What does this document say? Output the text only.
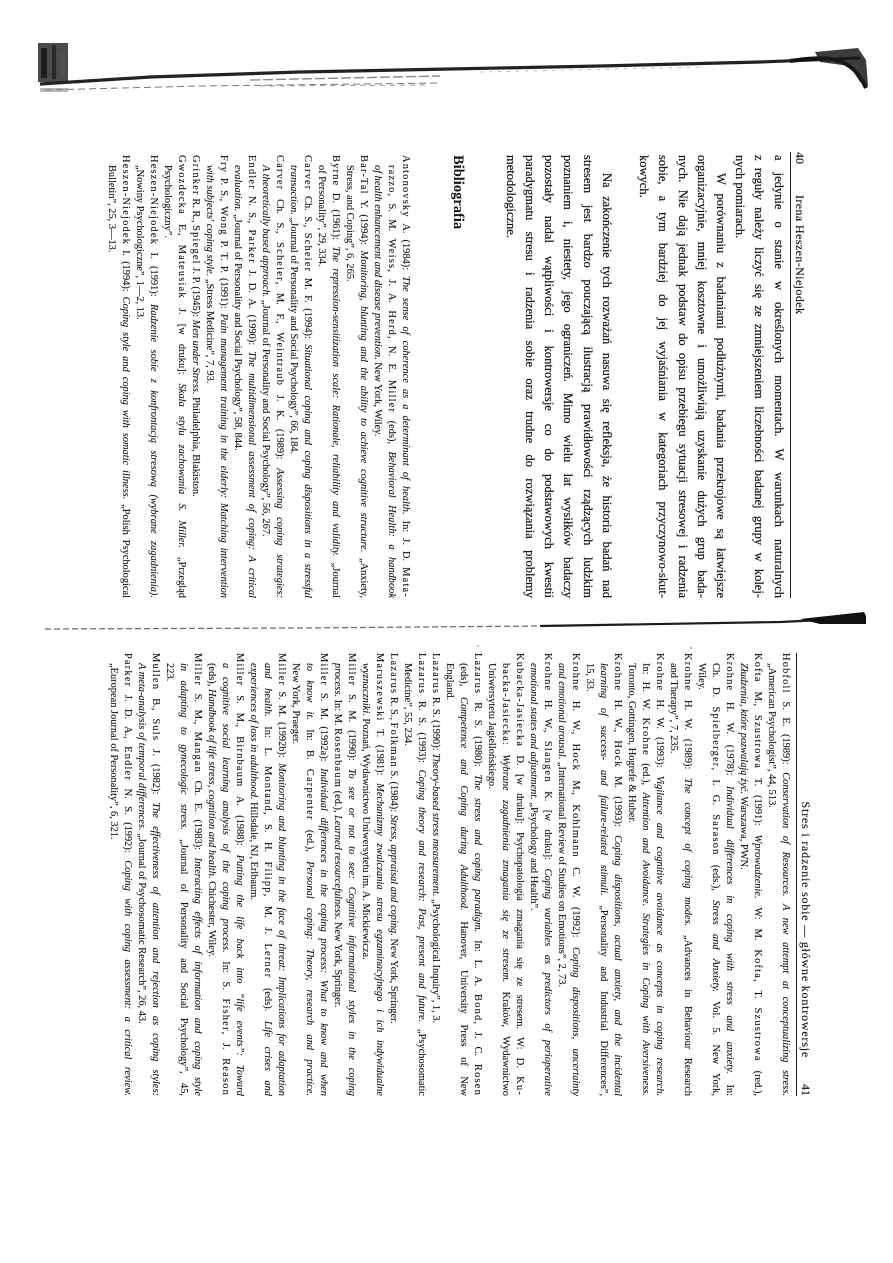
40
Irena Heszen-Niejodek
a jedynie o stanie w określonych momentach. W warunkach naturalnych
z reguły należy liczyć się ze zmniejszeniem liczebności badanej grupy w kolej-
nych pomiarach.
W porównaniu z badaniami podłużnymi, badania przekrojowe są łatwiejsze
organizacyjnie, mniej kosztowne i umożliwiają uzyskanie dużych grup bada-
nych. Nie dają jednak podstaw do opisu przebiegu sytuacji stresowej i radzenia
sobie, a tym bardziej do jej wyjaśniania w kategoriach przyczynowo-skut-
kowych.
Na zakończenie tych rozważań nasuwa się refleksja, że historia badań nad
stresem jest bardzo pouczającą ilustracją prawidłowości rządzących ludzkim
poznaniem i, niestety, jego ograniczeń. Mimo wielu lat wysiłków badaczy
pozostały nadal wątpliwości i kontrowersje co do podstawowych kwestii
paradygmatu stresu i radzenia sobie oraz trudne do rozwiązania problemy
metodologiczne.
Bibliografia
Antonovsky A. (1984): The sense of coherence as a determinant of health. In: J. D. Mata-
razzo, S. M. Weiss, J. A. Herd, N. E. Miller (eds), Behavioral Health: a handbook
of health enhancement and disease prevention. New York, Wiley.
Bar-Tal Y. (1994): Monitoring, blunting and the ability to achieve cognitive structure. „Anxiety,
Stress, and Coping”, 6, 265.
Byrne D. (1961): The repression-sensitization scale: Rationale, reliability and validity. „Journal
of Personality”, 29, 334.
Carver Ch. S., Scheier M. F. (1994): Situational coping and coping dispositions in a stressful
transaction. „Journal of Personality and Social Psychology”, 66, 184.
Carver Ch. S., Scheier, M. F., Weintraub J. K. (1989): Assessing coping strategies:
A theoretically based approach. „Journal of Personality and Social Psychology”, 56, 267.
Endler N. S., Parker J. D. A. (1990): The multidimensional assessment of coping: A critical
evaluation. „Journal of Personality and Social Psychology”, 58, 844.
Fry P. S., Wong P. T. P. (1991): Pain management training in the elderly: Matching intervention
with subjects' coping style. „Stress Medicine”, 7, 93.
Grinker R. R., Spiegel J. P. (1945): Men under Stress. Philadelphia, Blakiston.
Gwozdecka E., Mateusiak J. [w druku]: Skala stylu zachowania S. Miller. „Przegląd
Psychologiczny”.
Heszen-Niejodek I. (1991): Radzenie sobie z konfrontacją stresową (wybrane zagadnienia).
„Nowiny Psychologiczne”, 1—2, 13.
Heszen-Niejodek I. (1994): Coping style and coping with somatic illness. „Polish Psychological
Bulletin”, 25, 3—13.
Stres i radzenie sobie — główne kontrowersje
41
Hobfoll S. E. (1989): Conservation of Resources. A new attempt at conceptualizing stress.
„American Psychologist”, 44, 513.
Kofta M., Szustrowa T. (1991): Wprowadzenie. W: M. Kofta, T. Szustrowa (red.),
Złudzenia, które pozwalają żyć. Warszawa, PWN.
Krohne H. W. (1978): Individual differences in coping with stress and anxiety. In:
Ch. D. Spielberger, I. G. Sarason (eds.), Stress and Anxiety. Vol. 5. New York,
Wiley.
Krohne H. W. (1989): The concept of coping modes. „Advances in Behaviour Research
and Therapy”, 7, 235.
Krohne H. W. (1993): Vigilance and cognitive avoidance as concepts in coping research.
In: H. W. Krohne (ed.), Attention and Avoidance. Strategies in Coping with Aversiveness.
Toronto, Gottingen, Hogrefe & Huber.
Krohne H. W., Hock M. (1993): Coping dispositions, actual anxiety, and the incidental
learning of success- and failure-related stimuli. „Personality and Industrial Differences”,
15, 33.
Krohne H. W., Hock M., Kohlmann C. W. (1992): Coping dispositions, uncertainty
and emotional arousal. „International Review of Studies on Emotions”, 2, 73.
Krohne H. W., Slangen K. [w druku]: Coping variables as predictors of perioperative
emotional states and adjustment. „Psychology and Health”.
Kubacka-Jasiecka D. [w druku]: Psychopatologia zmagania się ze stresem. W: D. Ku-
backa-Jasiecka: Wybrane zagadnienia zmagania się ze stresem. Kraków, Wydawnictwo
Uniwersytetu Jagiellońskiego.
Lazarus R. S. (1980): The stress and coping paradigm. In: L. A. Bond, J. C. Rosen
(eds), Competence and Coping during Adulthood. Hanover, University Press of New
England.
Lazarus R. S. (1990): Theory-based stress measurement. „Psychological Inquiry”, 1, 3.
Lazarus R. S. (1993): Coping theory and research: Past, present and future. „Psychosomatic
Medicine”, 55, 234.
Lazarus R. S., Folkman S. (1984): Stress, appraisal and coping. New York, Springer.
Maruszewski T. (1981): Mechanizmy zwalczania stresu egzaminacyjnego i ich indywidualne
wyznaczniki. Poznań, Wydawnictwo Uniwersytetu im. A. Mickiewicza.
Miller S. M. (1990): To see or not to see: Cognitive informational styles in the coping
process. In: M. Rosenbaum (ed.), Learned resourcefulness. New York, Springer.
Miller S. M. (1992a): Individual differences in the coping process: What to know and when
to know it. In: B. Carpenter (ed.), Personal coping: Theory, research and practice.
New York, Praeger.
Miller S. M. (1992b): Monitoring and blunting in the face of threat: Implications for adaptation
and health. In: L. Montand, S. H. Filipp, M. J. Lerner (eds). Life crises and
experiences of loss in adulthood. Hillsdale, NJ, Erlbaum.
Miller S. M., Birnbaum A. (1988): Putting the life back into “life events”: Toward
a cognitive social learning analysis of the coping process. In: S. Fisher, J. Reason
(eds), Handbook of life stress, cognition and health. Chichester, Wiley.
Miller S. M., Mangan Ch. E. (1983): Interacting effects of information and coping style
in adapting to gynecologic stress. „Journal of Personality and Social Psychology”, 45,
223.
Mullen B., Suls J. (1982): The effectiveness of attention and rejection as coping styles:
A meta-analysis of temporal differences. „Journal of Psychosomatic Research”, 26, 43.
Parker J. D. A., Endler N. S. (1992): Coping with coping assessment: a critical review.
„European Journal of Personality”, 6, 321.
